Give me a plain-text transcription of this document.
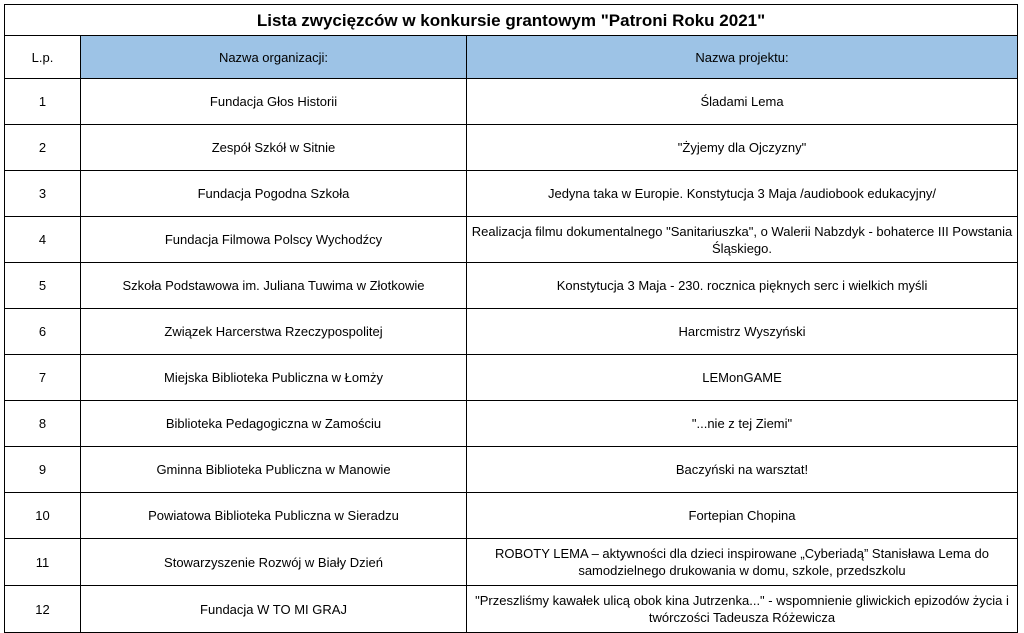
Lista zwycięzców w konkursie grantowym "Patroni Roku 2021"		
L.p.	Nazwa organizacji:	Nazwa projektu:
1	Fundacja Głos Historii	Śladami Lema
2	Zespół Szkół w Sitnie	"Żyjemy dla Ojczyzny"
3	Fundacja Pogodna Szkoła	Jedyna taka w Europie. Konstytucja 3 Maja /audiobook edukacyjny/
4	Fundacja Filmowa Polscy Wychodźcy	Realizacja filmu dokumentalnego "Sanitariuszka", o Walerii Nabzdyk - bohaterce III Powstania Śląskiego.
5	Szkoła Podstawowa im. Juliana Tuwima w Złotkowie	Konstytucja 3 Maja - 230. rocznica pięknych serc i wielkich myśli
6	Związek Harcerstwa Rzeczypospolitej	Harcmistrz Wyszyński
7	Miejska Biblioteka Publiczna w Łomży	LEMonGAME
8	Biblioteka Pedagogiczna w Zamościu	"...nie z tej Ziemi"
9	Gminna Biblioteka Publiczna w Manowie	Baczyński na warsztat!
10	Powiatowa Biblioteka Publiczna w Sieradzu	Fortepian Chopina
11	Stowarzyszenie Rozwój w Biały Dzień	ROBOTY LEMA – aktywności dla dzieci inspirowane „Cyberiadą” Stanisława Lema do samodzielnego drukowania w domu, szkole, przedszkolu
12	Fundacja W TO MI GRAJ	"Przeszliśmy kawałek ulicą obok kina Jutrzenka..." - wspomnienie gliwickich epizodów życia i twórczości Tadeusza Różewicza
